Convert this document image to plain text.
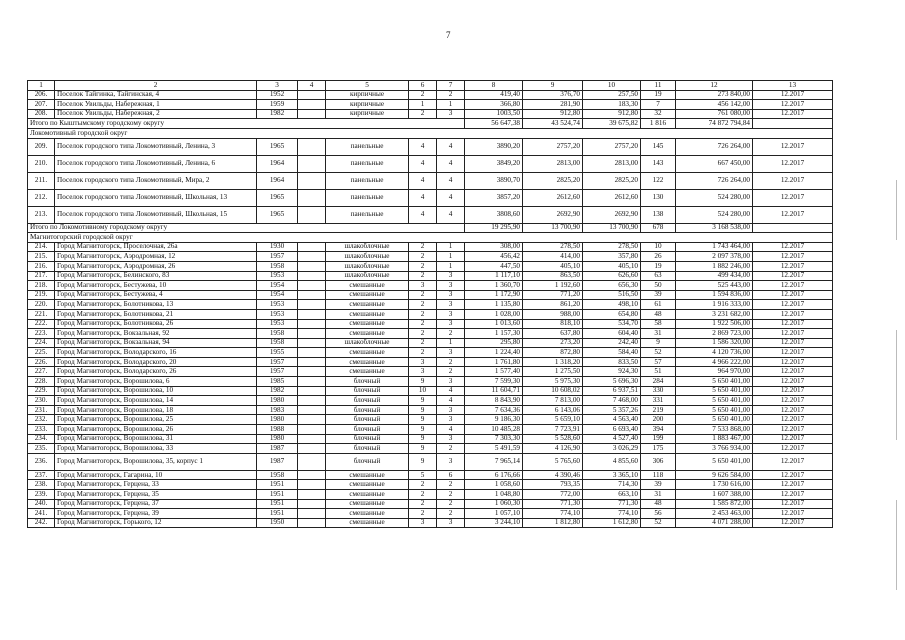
7
1	2	3	4	5	6	7	8	9	10	11	12	13
206.	Поселок Тайгинка, Тайгинская, 4	1952		кирпичные	2	2	419,40	376,70	257,50	19	273 840,00	12.2017
207.	Поселок Увильды, Набережная, 1	1959		кирпичные	1	1	366,80	281,90	183,30	7	456 142,00	12.2017
208.	Поселок Увильды, Набережная, 2	1982		кирпичные	2	3	1003,50	912,80	912,80	32	761 080,00	12.2017
Итого по Кыштымскому городскому округу							56 647,38	43 524,74	39 675,82	1 816	74 872 794,84	
Локомотивный городской округ												
209.	Поселок городского типа Локомотивный, Ленина, 3	1965		панельные	4	4	3890,20	2757,20	2757,20	145	726 264,00	12.2017
210.	Поселок городского типа Локомотивный, Ленина, 6	1964		панельные	4	4	3849,20	2813,00	2813,00	143	667 450,00	12.2017
211.	Поселок городского типа Локомотивный, Мира, 2	1964		панельные	4	4	3890,70	2825,20	2825,20	122	726 264,00	12.2017
212.	Поселок городского типа Локомотивный, Школьная, 13	1965		панельные	4	4	3857,20	2612,60	2612,60	130	524 280,00	12.2017
213.	Поселок городского типа Локомотивный, Школьная, 15	1965		панельные	4	4	3808,60	2692,90	2692,90	138	524 280,00	12.2017
Итого по Локомотивному городскому округу							19 295,90	13 700,90	13 700,90	678	3 168 538,00	
Магнитогорский городской округ												
214.	Город Магнитогорск, Проселочная, 26а	1930		шлакоблочные	2	1	308,00	278,50	278,50	10	1 743 464,00	12.2017
215.	Город Магнитогорск, Аэродромная, 12	1957		шлакоблочные	2	1	456,42	414,00	357,80	26	2 097 378,00	12.2017
216.	Город Магнитогорск, Аэродромная, 26	1958		шлакоблочные	2	1	447,50	405,10	405,10	19	1 882 246,00	12.2017
217.	Город Магнитогорск, Белинского, 83	1953		шлакоблочные	2	3	1 117,10	863,50	626,60	63	499 434,00	12.2017
218.	Город Магнитогорск, Бестужева, 10	1954		смешанные	3	3	1 360,70	1 192,60	656,30	50	525 443,00	12.2017
219.	Город Магнитогорск, Бестужева, 4	1954		смешанные	2	3	1 172,90	771,20	516,50	39	1 594 836,00	12.2017
220.	Город Магнитогорск, Болотникова, 13	1953		смешанные	2	3	1 135,80	861,20	498,10	61	1 916 333,00	12.2017
221.	Город Магнитогорск, Болотникова, 21	1953		смешанные	2	3	1 028,00	988,00	654,80	48	3 231 682,00	12.2017
222.	Город Магнитогорск, Болотникова, 26	1953		смешанные	2	3	1 013,60	818,10	534,70	58	1 922 506,00	12.2017
223.	Город Магнитогорск, Вокзальная, 92	1958		смешанные	2	2	1 157,30	637,80	604,40	31	2 869 723,00	12.2017
224.	Город Магнитогорск, Вокзальная, 94	1958		шлакоблочные	2	1	295,80	273,20	242,40	9	1 586 320,00	12.2017
225.	Город Магнитогорск, Володарского, 16	1955		смешанные	2	3	1 224,40	872,80	584,40	52	4 120 736,00	12.2017
226.	Город Магнитогорск, Володарского, 20	1957		смешанные	3	2	1 761,80	1 318,20	833,50	57	4 966 222,00	12.2017
227.	Город Магнитогорск, Володарского, 26	1957		смешанные	3	2	1 577,40	1 275,50	924,30	51	964 970,00	12.2017
228.	Город Магнитогорск, Ворошилова, 6	1985		блочный	9	3	7 599,30	5 975,30	5 696,30	284	5 650 401,00	12.2017
229.	Город Магнитогорск, Ворошилова, 10	1982		блочный	10	4	11 604,71	10 608,02	6 937,51	330	5 650 401,00	12.2017
230.	Город Магнитогорск, Ворошилова, 14	1980		блочный	9	4	8 843,90	7 813,00	7 468,00	331	5 650 401,00	12.2017
231.	Город Магнитогорск, Ворошилова, 18	1983		блочный	9	3	7 634,36	6 143,06	5 357,26	219	5 650 401,00	12.2017
232.	Город Магнитогорск, Ворошилова, 25	1980		блочный	9	3	9 186,30	5 659,10	4 563,40	200	5 650 401,00	12.2017
233.	Город Магнитогорск, Ворошилова, 26	1988		блочный	9	4	10 485,28	7 723,91	6 693,40	394	7 533 868,00	12.2017
234.	Город Магнитогорск, Ворошилова, 31	1980		блочный	9	3	7 303,30	5 528,60	4 527,40	199	1 883 467,00	12.2017
235.	Город Магнитогорск, Ворошилова, 33	1987		блочный	9	2	5 491,59	4 126,90	3 026,29	175	3 766 934,00	12.2017
236.	Город Магнитогорск, Ворошилова, 35, корпус 1	1987		блочный	9	3	7 965,14	5 765,60	4 855,60	306	5 650 401,00	12.2017
237.	Город Магнитогорск, Гагарина, 10	1958		смешанные	5	6	6 176,66	4 390,46	3 365,10	118	9 626 584,00	12.2017
238.	Город Магнитогорск, Герцена, 33	1951		смешанные	2	2	1 058,60	793,35	714,30	39	1 730 616,00	12.2017
239.	Город Магнитогорск, Герцена, 35	1951		смешанные	2	2	1 048,80	772,00	663,10	31	1 607 388,00	12.2017
240.	Город Магнитогорск, Герцена, 37	1951		смешанные	2	2	1 060,30	771,30	771,30	48	1 585 872,00	12.2017
241.	Город Магнитогорск, Герцена, 39	1951		смешанные	2	2	1 057,10	774,10	774,10	56	2 453 463,00	12.2017
242.	Город Магнитогорск, Горького, 12	1950		смешанные	3	3	3 244,10	1 812,80	1 612,80	52	4 071 288,00	12.2017
